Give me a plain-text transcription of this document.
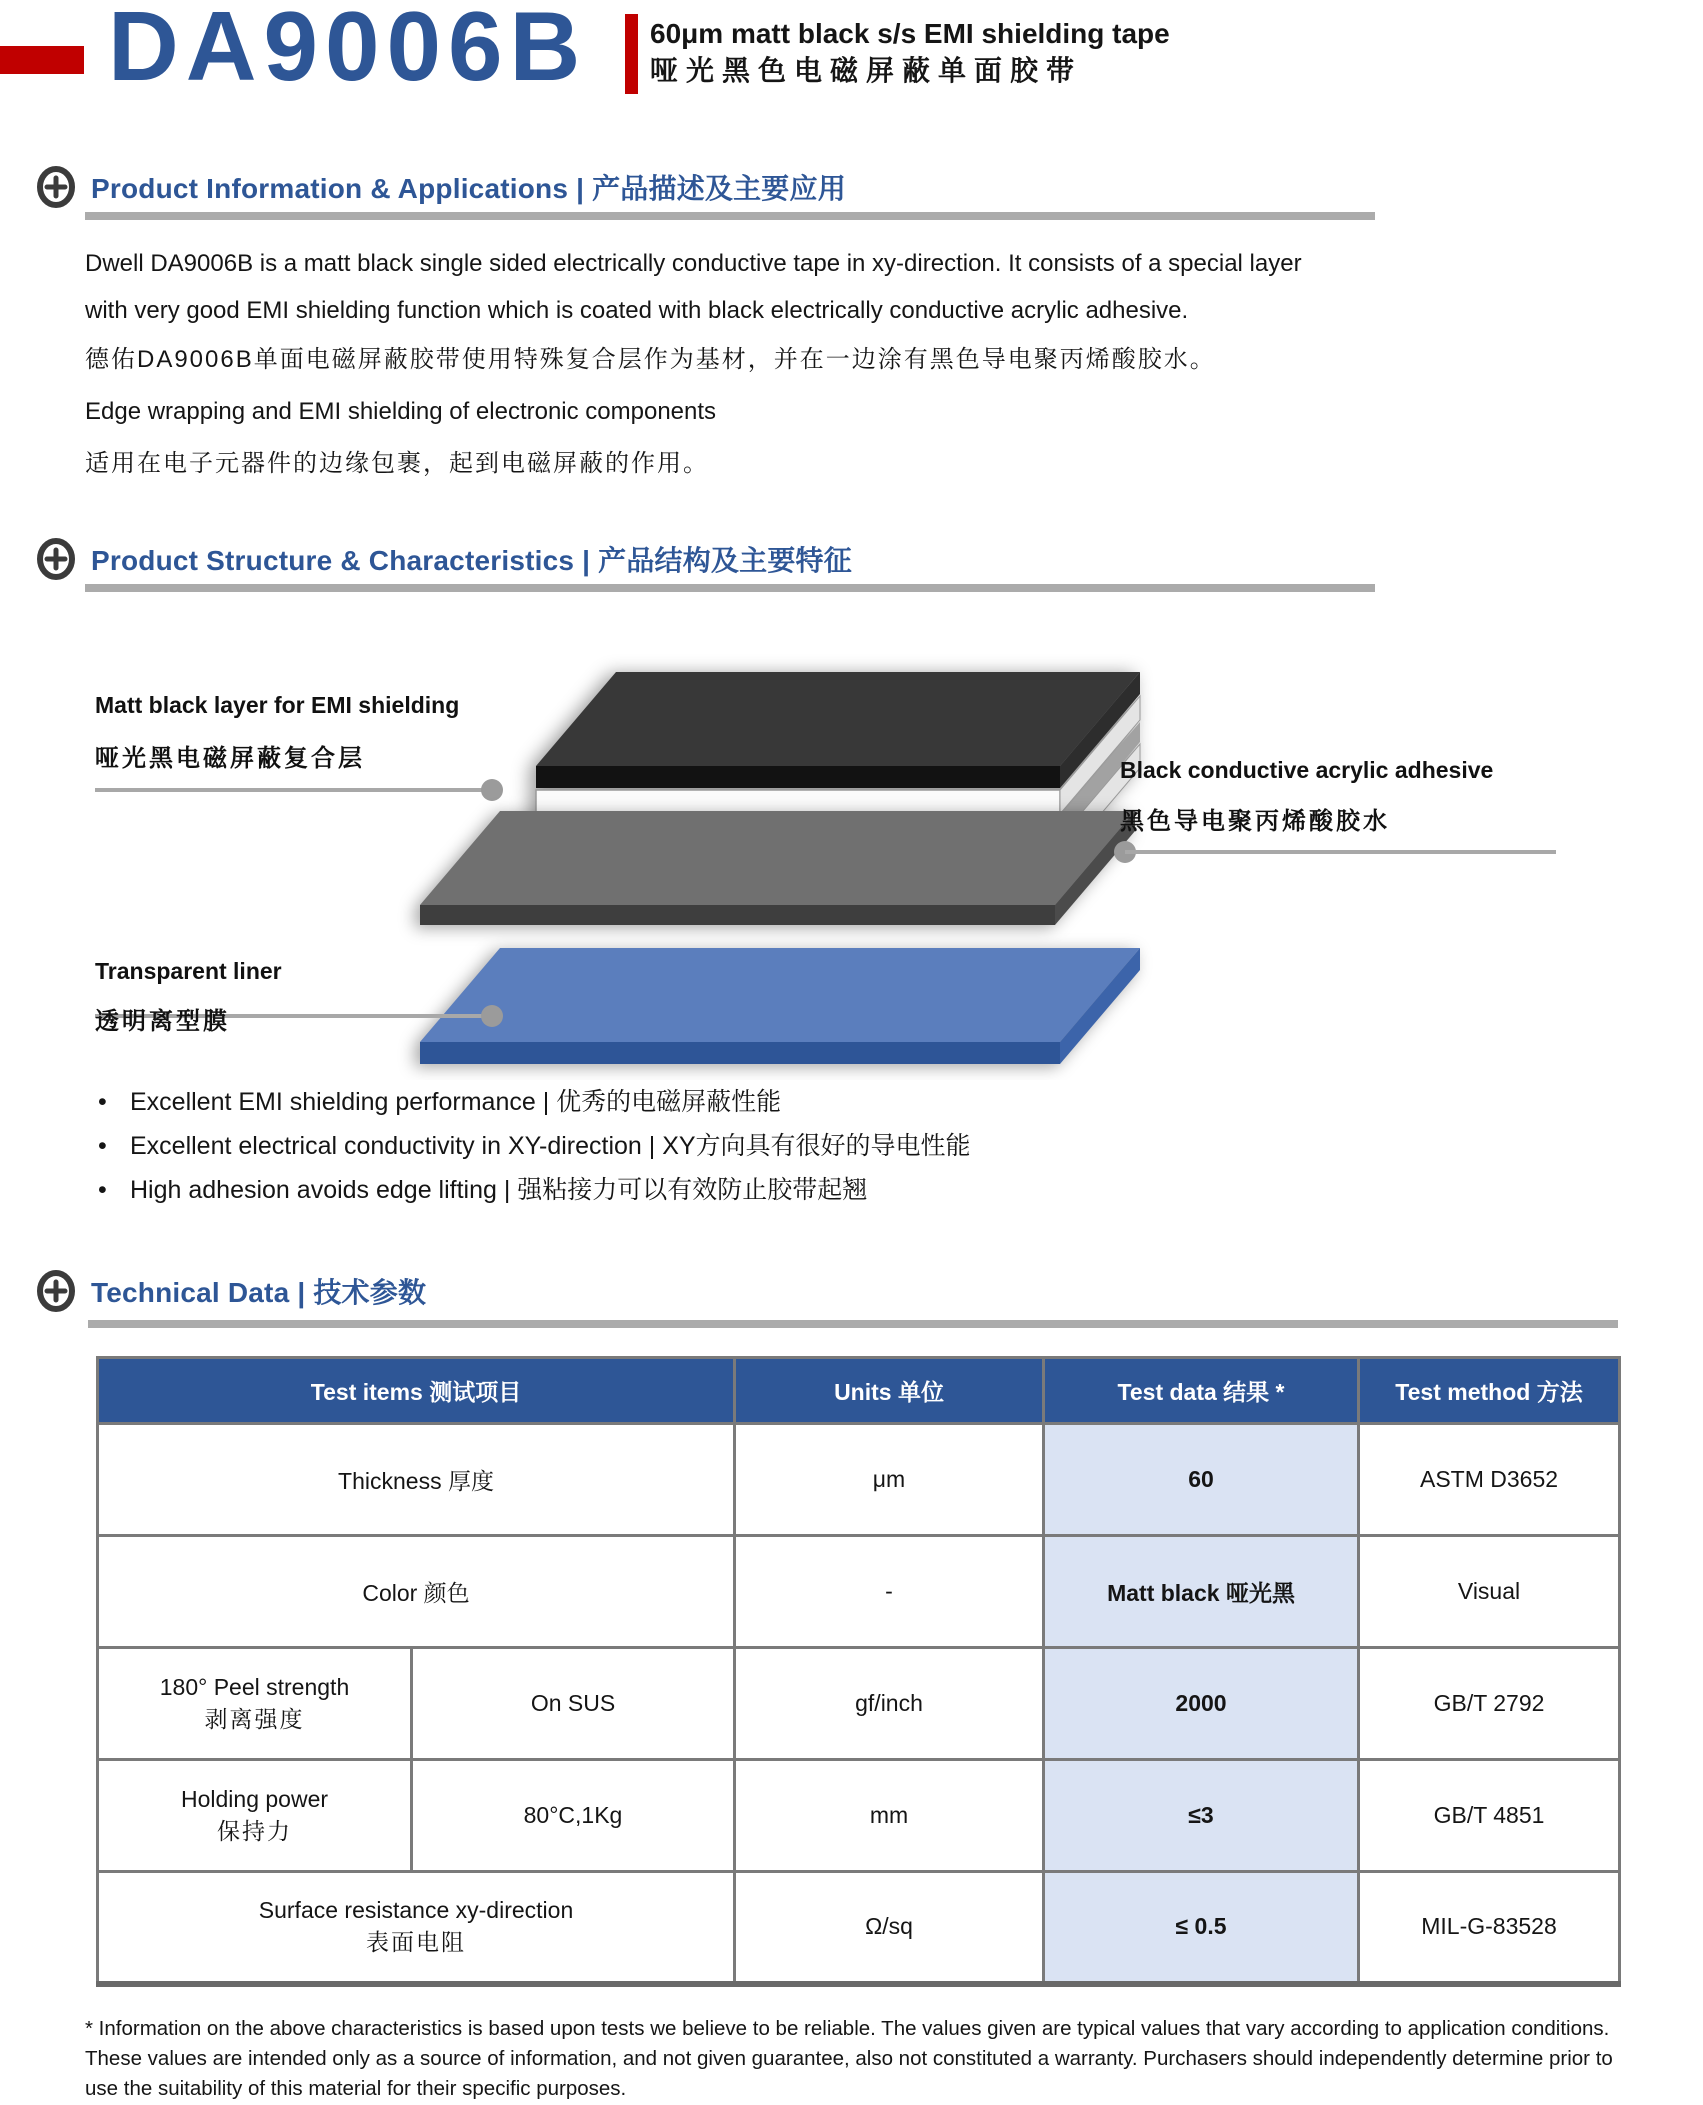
DA9006B 60μm matt black s/s EMI shielding tape
哑光黑色电磁屏蔽单面胶带
Product Information & Applications | 产品描述及主要应用
Dwell DA9006B is a matt black single sided electrically conductive tape in xy-direction. It consists of a special layer with very good EMI shielding function which is coated with black electrically conductive acrylic adhesive.
德佑DA9006B单面电磁屏蔽胶带使用特殊复合层作为基材，并在一边涂有黑色导电聚丙烯酸胶水。
Edge wrapping and EMI shielding of electronic components
适用在电子元器件的边缘包裹，起到电磁屏蔽的作用。
Product Structure & Characteristics | 产品结构及主要特征
Matt black layer for EMI shielding
哑光黑电磁屏蔽复合层	Black conductive acrylic adhesive
黑色导电聚丙烯酸胶水
Transparent liner
透明离型膜
• Excellent EMI shielding performance | 优秀的电磁屏蔽性能
• Excellent electrical conductivity in XY-direction | XY方向具有很好的导电性能
• High adhesion avoids edge lifting | 强粘接力可以有效防止胶带起翘
Technical Data | 技术参数
Test items 测试项目		Units 单位	Test data 结果 *	Test method 方法
Thickness 厚度		μm	60	ASTM D3652
Color 颜色		-	Matt black 哑光黑	Visual
180° Peel strength
剥离强度	On SUS	gf/inch	2000	GB/T 2792
Holding power
保持力	80°C,1Kg	mm	≤3	GB/T 4851
Surface resistance xy-direction
表面电阻		Ω/sq	≤ 0.5	MIL-G-83528
* Information on the above characteristics is based upon tests we believe to be reliable. The values given are typical values that vary according to application conditions. These values are intended only as a source of information, and not given guarantee, also not constituted a warranty. Purchasers should independently determine prior to use the suitability of this material for their specific purposes.
